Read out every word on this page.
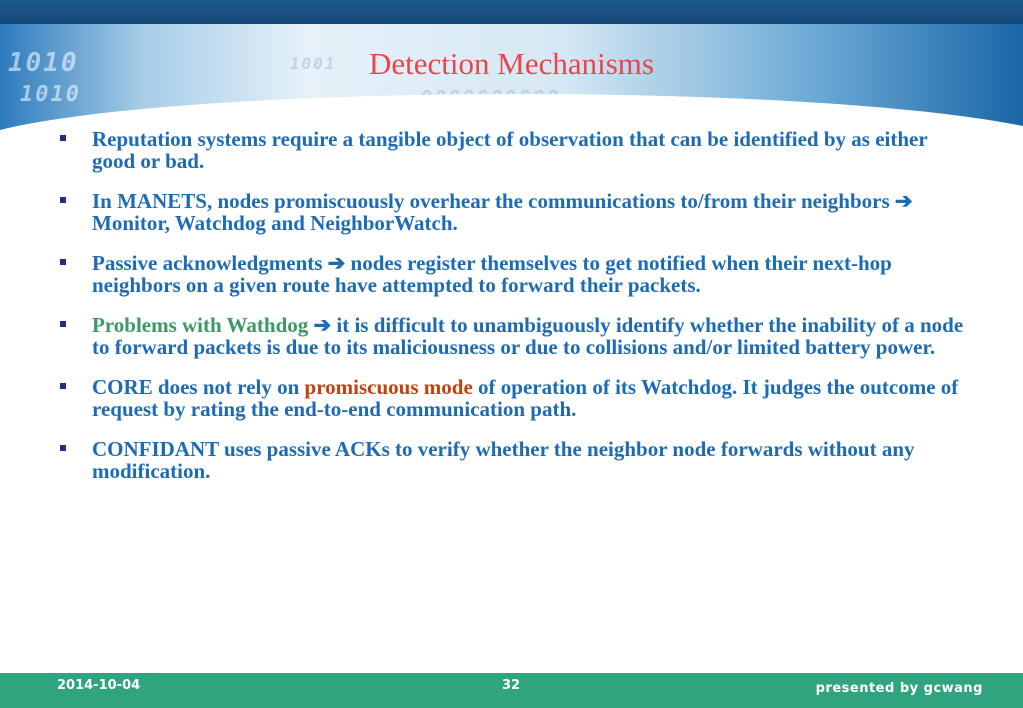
1010
1010
1001	Detection Mechanisms
Reputation systems require a tangible object of observation that can be identified by as either good or bad.
In MANETS, nodes promiscuously overhear the communications to/from their neighbors ➔ Monitor, Watchdog and NeighborWatch.
Passive acknowledgments ➔ nodes register themselves to get notified when their next-hop neighbors on a given route have attempted to forward their packets.
Problems with Wathdog ➔ it is difficult to unambiguously identify whether the inability of a node to forward packets is due to its maliciousness or due to collisions and/or limited battery power.
CORE does not rely on promiscuous mode of operation of its Watchdog. It judges the outcome of request by rating the end-to-end communication path.
CONFIDANT uses passive ACKs to verify whether the neighbor node forwards without any modification.
2014-10-04	32	presented by gcwang
